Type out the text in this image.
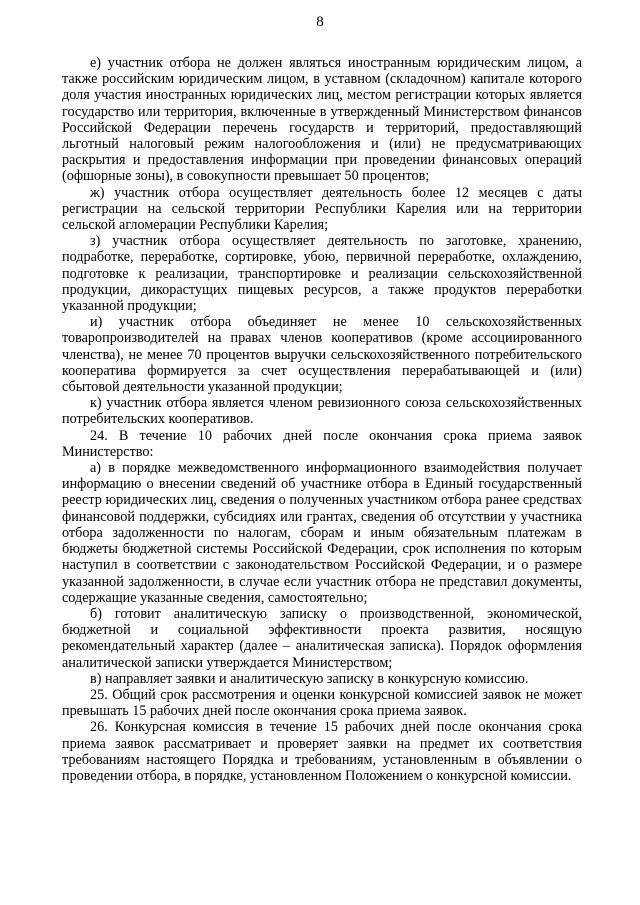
8

е) участник отбора не должен являться иностранным юридическим лицом, а также российским юридическим лицом, в уставном (складочном) капитале которого доля участия иностранных юридических лиц, местом регистрации которых является государство или территория, включенные в утвержденный Министерством финансов Российской Федерации перечень государств и территорий, предоставляющий льготный налоговый режим налогообложения и (или) не предусматривающих раскрытия и предоставления информации при проведении финансовых операций (офшорные зоны), в совокупности превышает 50 процентов;

ж) участник отбора осуществляет деятельность более 12 месяцев с даты регистрации на сельской территории Республики Карелия или на территории сельской агломерации Республики Карелия;

з) участник отбора осуществляет деятельность по заготовке, хранению, подработке, переработке, сортировке, убою, первичной переработке, охлаждению, подготовке к реализации, транспортировке и реализации сельскохозяйственной продукции, дикорастущих пищевых ресурсов, а также продуктов переработки указанной продукции;

и) участник отбора объединяет не менее 10 сельскохозяйственных товаропроизводителей на правах членов кооперативов (кроме ассоциированного членства), не менее 70 процентов выручки сельскохозяйственного потребительского кооператива формируется за счет осуществления перерабатывающей и (или) сбытовой деятельности указанной продукции;

к) участник отбора является членом ревизионного союза сельскохозяйственных потребительских кооперативов.

24. В течение 10 рабочих дней после окончания срока приема заявок Министерство:

а) в порядке межведомственного информационного взаимодействия получает информацию о внесении сведений об участнике отбора в Единый государственный реестр юридических лиц, сведения о полученных участником отбора ранее средствах финансовой поддержки, субсидиях или грантах, сведения об отсутствии у участника отбора задолженности по налогам, сборам и иным обязательным платежам в бюджеты бюджетной системы Российской Федерации, срок исполнения по которым наступил в соответствии с законодательством Российской Федерации, и о размере указанной задолженности, в случае если участник отбора не представил документы, содержащие указанные сведения, самостоятельно;

б) готовит аналитическую записку о производственной, экономической, бюджетной и социальной эффективности проекта развития, носящую рекомендательный характер (далее – аналитическая записка). Порядок оформления аналитической записки утверждается Министерством;

в) направляет заявки и аналитическую записку в конкурсную комиссию.

25. Общий срок рассмотрения и оценки конкурсной комиссией заявок не может превышать 15 рабочих дней после окончания срока приема заявок.

26. Конкурсная комиссия в течение 15 рабочих дней после окончания срока приема заявок рассматривает и проверяет заявки на предмет их соответствия требованиям настоящего Порядка и требованиям, установленным в объявлении о проведении отбора, в порядке, установленном Положением о конкурсной комиссии.
